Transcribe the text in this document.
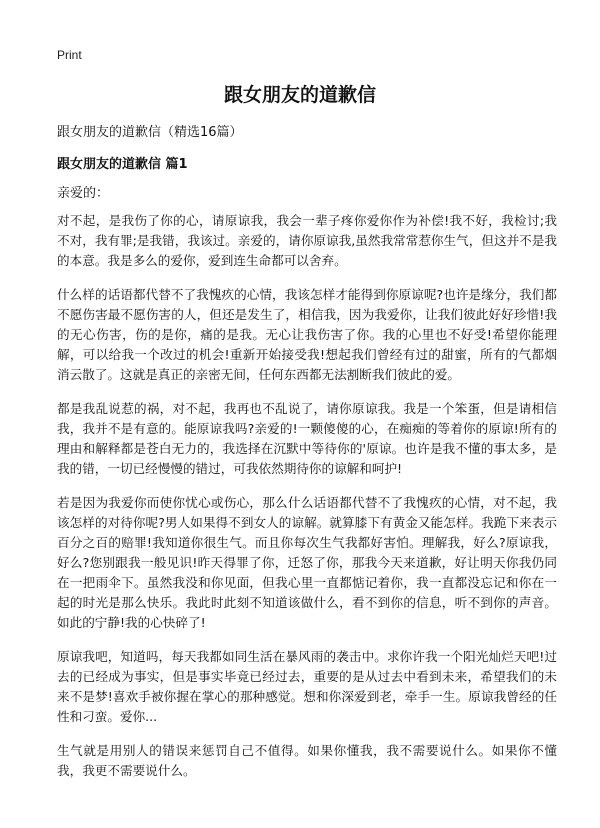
Print
跟女朋友的道歉信

跟女朋友的道歉信（精选16篇）

跟女朋友的道歉信 篇1

亲爱的：

对不起，是我伤了你的心，请原谅我，我会一辈子疼你爱你作为补偿!我不好，我检讨;我不对，我有罪;是我错，我该过。亲爱的，请你原谅我,虽然我常常惹你生气，但这并不是我的本意。我是多么的爱你，爱到连生命都可以舍弃。

什么样的话语都代替不了我愧疚的心情，我该怎样才能得到你原谅呢?也许是缘分，我们都不愿伤害最不愿伤害的人，但还是发生了，相信我，因为我爱你，让我们彼此好好珍惜!我的无心伤害，伤的是你，痛的是我。无心让我伤害了你。我的心里也不好受!希望你能理解，可以给我一个改过的机会!重新开始接受我!想起我们曾经有过的甜蜜，所有的气都烟消云散了。这就是真正的亲密无间，任何东西都无法割断我们彼此的爱。

都是我乱说惹的祸，对不起，我再也不乱说了，请你原谅我。我是一个笨蛋，但是请相信我，我并不是有意的。能原谅我吗?亲爱的!一颗傻傻的心，在痴痴的等着你的原谅!所有的理由和解释都是苍白无力的，我选择在沉默中等待你的'原谅。也许是我不懂的事太多，是我的错，一切已经慢慢的错过，可我依然期待你的谅解和呵护!

若是因为我爱你而使你忧心或伤心，那么什么话语都代替不了我愧疚的心情，对不起，我该怎样的对待你呢?男人如果得不到女人的谅解。就算膝下有黄金又能怎样。我跪下来表示百分之百的赔罪!我知道你很生气。而且你每次生气我都好害怕。理解我，好么?原谅我，好么?您别跟我一般见识!昨天得罪了你，迁怒了你，那我今天来道歉，好让明天你我仍同在一把雨伞下。虽然我没和你见面，但我心里一直都惦记着你，我一直都没忘记和你在一起的时光是那么快乐。我此时此刻不知道该做什么，看不到你的信息，听不到你的声音。如此的宁静!我的心快碎了!

原谅我吧，知道吗，每天我都如同生活在暴风雨的袭击中。求你许我一个阳光灿烂天吧!过去的已经成为事实，但是事实毕竟已经过去，重要的是从过去中看到未来，希望我们的未来不是梦!喜欢手被你握在掌心的那种感觉。想和你深爱到老，牵手一生。原谅我曾经的任性和刁蛮。爱你...

生气就是用别人的错误来惩罚自己不值得。如果你懂我，我不需要说什么。如果你不懂我，我更不需要说什么。
